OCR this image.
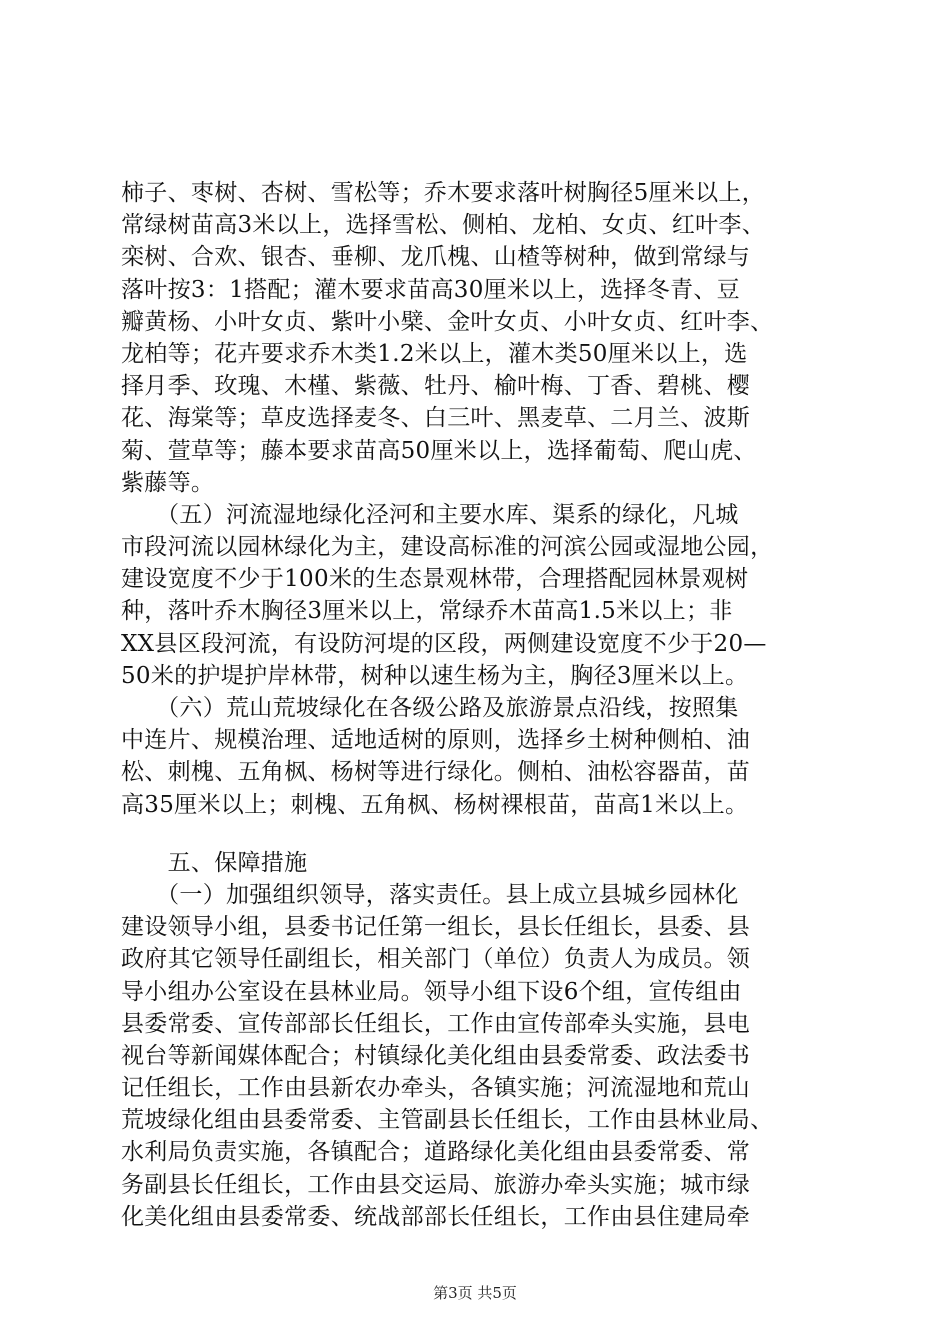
柿子、枣树、杏树、雪松等；乔木要求落叶树胸径5厘米以上，
常绿树苗高3米以上，选择雪松、侧柏、龙柏、女贞、红叶李、
栾树、合欢、银杏、垂柳、龙爪槐、山楂等树种，做到常绿与
落叶按3：1搭配；灌木要求苗高30厘米以上，选择冬青、豆
瓣黄杨、小叶女贞、紫叶小檗、金叶女贞、小叶女贞、红叶李、
龙柏等；花卉要求乔木类1.2米以上，灌木类50厘米以上，选
择月季、玫瑰、木槿、紫薇、牡丹、榆叶梅、丁香、碧桃、樱
花、海棠等；草皮选择麦冬、白三叶、黑麦草、二月兰、波斯
菊、萱草等；藤本要求苗高50厘米以上，选择葡萄、爬山虎、
紫藤等。
　　（五）河流湿地绿化泾河和主要水库、渠系的绿化，凡城
市段河流以园林绿化为主，建设高标准的河滨公园或湿地公园，
建设宽度不少于100米的生态景观林带，合理搭配园林景观树
种，落叶乔木胸径3厘米以上，常绿乔木苗高1.5米以上；非
XX县区段河流，有设防河堤的区段，两侧建设宽度不少于20—
50米的护堤护岸林带，树种以速生杨为主，胸径3厘米以上。
　　（六）荒山荒坡绿化在各级公路及旅游景点沿线，按照集
中连片、规模治理、适地适树的原则，选择乡土树种侧柏、油
松、刺槐、五角枫、杨树等进行绿化。侧柏、油松容器苗，苗
高35厘米以上；刺槐、五角枫、杨树裸根苗，苗高1米以上。
　　五、保障措施
　　（一）加强组织领导，落实责任。县上成立县城乡园林化
建设领导小组，县委书记任第一组长，县长任组长，县委、县
政府其它领导任副组长，相关部门（单位）负责人为成员。领
导小组办公室设在县林业局。领导小组下设6个组，宣传组由
县委常委、宣传部部长任组长，工作由宣传部牵头实施，县电
视台等新闻媒体配合；村镇绿化美化组由县委常委、政法委书
记任组长，工作由县新农办牵头，各镇实施；河流湿地和荒山
荒坡绿化组由县委常委、主管副县长任组长，工作由县林业局、
水利局负责实施，各镇配合；道路绿化美化组由县委常委、常
务副县长任组长，工作由县交运局、旅游办牵头实施；城市绿
化美化组由县委常委、统战部部长任组长，工作由县住建局牵
第3页 共5页
